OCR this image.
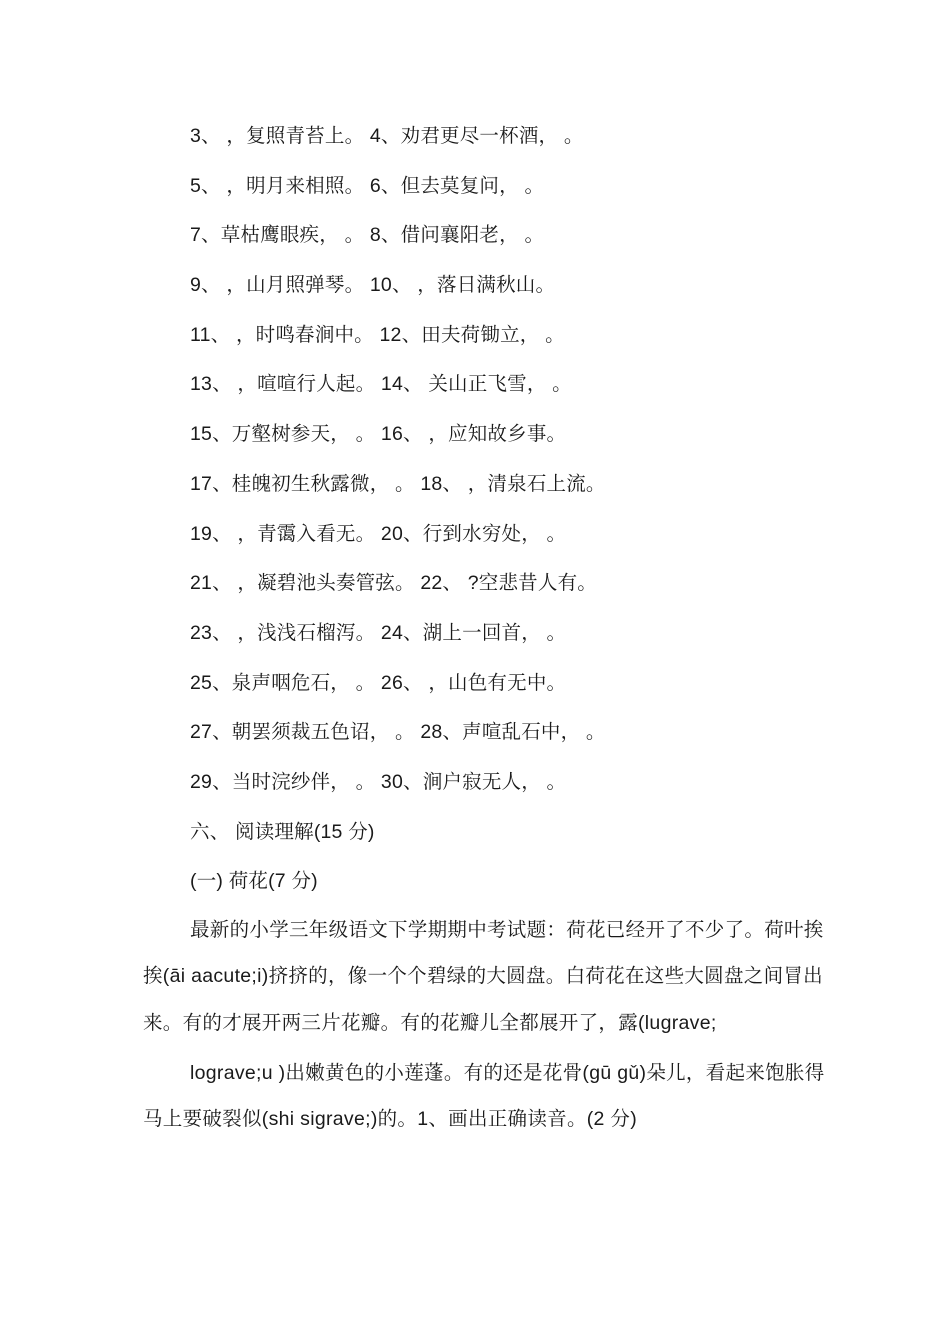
3、 ，复照青苔上。 4、劝君更尽一杯酒， 。
5、 ，明月来相照。 6、但去莫复问， 。
7、草枯鹰眼疾， 。 8、借问襄阳老， 。
9、 ，山月照弹琴。 10、 ，落日满秋山。
11、 ，时鸣春涧中。 12、田夫荷锄立， 。
13、 ，喧喧行人起。 14、 关山正飞雪， 。
15、万壑树参天， 。 16、 ，应知故乡事。
17、桂魄初生秋露微， 。 18、 ，清泉石上流。
19、 ，青霭入看无。 20、行到水穷处， 。
21、 ，凝碧池头奏管弦。 22、 ?空悲昔人有。
23、 ，浅浅石榴泻。 24、湖上一回首， 。
25、泉声咽危石， 。 26、 ，山色有无中。
27、朝罢须裁五色诏， 。 28、声喧乱石中， 。
29、当时浣纱伴， 。 30、涧户寂无人， 。
六、 阅读理解(15 分)
(一) 荷花(7 分)

最新的小学三年级语文下学期期中考试题：荷花已经开了不少了。荷叶挨挨(āi aacute;i)挤挤的，像一个个碧绿的大圆盘。白荷花在这些大圆盘之间冒出来。有的才展开两三片花瓣。有的花瓣儿全都展开了，露(lugrave;

lograve;u )出嫩黄色的小莲蓬。有的还是花骨(gū gǔ)朵儿，看起来饱胀得马上要破裂似(shi sigrave;)的。1、画出正确读音。(2 分)
